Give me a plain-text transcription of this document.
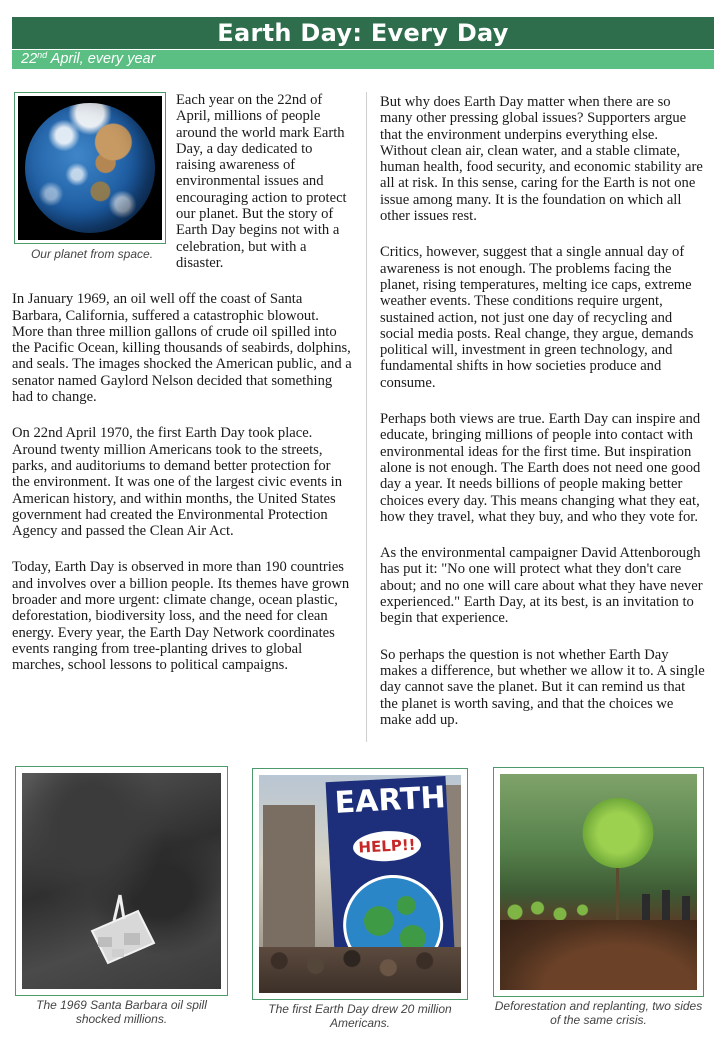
Earth Day: Every Day
22nd April, every year
Our planet from space.

Each year on the 22nd of April, millions of people around the world mark Earth Day, a day dedicated to raising awareness of environmental issues and encouraging action to protect our planet. But the story of Earth Day begins not with a celebration, but with a disaster.

In January 1969, an oil well off the coast of Santa Barbara, California, suffered a catastrophic blowout. More than three million gallons of crude oil spilled into the Pacific Ocean, killing thousands of seabirds, dolphins, and seals. The images shocked the American public, and a senator named Gaylord Nelson decided that something had to change.

On 22nd April 1970, the first Earth Day took place. Around twenty million Americans took to the streets, parks, and auditoriums to demand better protection for the environment. It was one of the largest civic events in American history, and within months, the United States government had created the Environmental Protection Agency and passed the Clean Air Act.

Today, Earth Day is observed in more than 190 countries and involves over a billion people. Its themes have grown broader and more urgent: climate change, ocean plastic, deforestation, biodiversity loss, and the need for clean energy. Every year, the Earth Day Network coordinates events ranging from tree-planting drives to global marches, school lessons to political campaigns.

But why does Earth Day matter when there are so many other pressing global issues? Supporters argue that the environment underpins everything else. Without clean air, clean water, and a stable climate, human health, food security, and economic stability are all at risk. In this sense, caring for the Earth is not one issue among many. It is the foundation on which all other issues rest.

Critics, however, suggest that a single annual day of awareness is not enough. The problems facing the planet, rising temperatures, melting ice caps, extreme weather events. These conditions require urgent, sustained action, not just one day of recycling and social media posts. Real change, they argue, demands political will, investment in green technology, and fundamental shifts in how societies produce and consume.

Perhaps both views are true. Earth Day can inspire and educate, bringing millions of people into contact with environmental ideas for the first time. But inspiration alone is not enough. The Earth does not need one good day a year. It needs billions of people making better choices every day. This means changing what they eat, how they travel, what they buy, and who they vote for.

As the environmental campaigner David Attenborough has put it: "No one will protect what they don't care about; and no one will care about what they have never experienced." Earth Day, at its best, is an invitation to begin that experience.

So perhaps the question is not whether Earth Day makes a difference, but whether we allow it to. A single day cannot save the planet. But it can remind us that the planet is worth saving, and that the choices we make add up.

The 1969 Santa Barbara oil spill shocked millions.
EARTH
HELP!!
The first Earth Day drew 20 million Americans.
Deforestation and replanting, two sides of the same crisis.
